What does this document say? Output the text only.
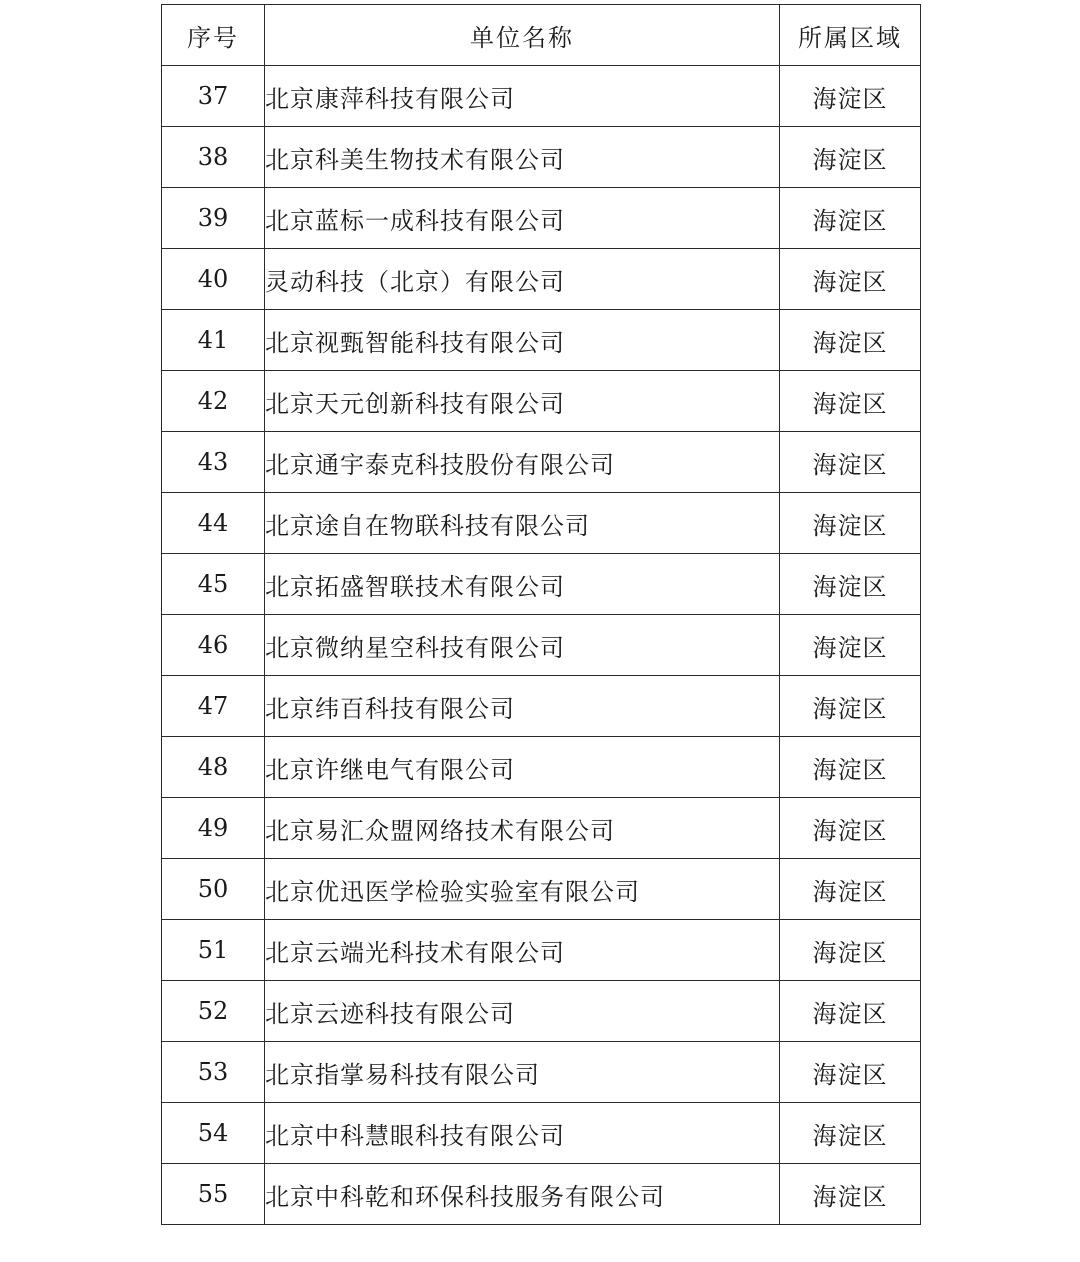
序号	单位名称	所属区域
37	北京康萍科技有限公司	海淀区
38	北京科美生物技术有限公司	海淀区
39	北京蓝标一成科技有限公司	海淀区
40	灵动科技（北京）有限公司	海淀区
41	北京视甄智能科技有限公司	海淀区
42	北京天元创新科技有限公司	海淀区
43	北京通宇泰克科技股份有限公司	海淀区
44	北京途自在物联科技有限公司	海淀区
45	北京拓盛智联技术有限公司	海淀区
46	北京微纳星空科技有限公司	海淀区
47	北京纬百科技有限公司	海淀区
48	北京许继电气有限公司	海淀区
49	北京易汇众盟网络技术有限公司	海淀区
50	北京优迅医学检验实验室有限公司	海淀区
51	北京云端光科技术有限公司	海淀区
52	北京云迹科技有限公司	海淀区
53	北京指掌易科技有限公司	海淀区
54	北京中科慧眼科技有限公司	海淀区
55	北京中科乾和环保科技服务有限公司	海淀区
